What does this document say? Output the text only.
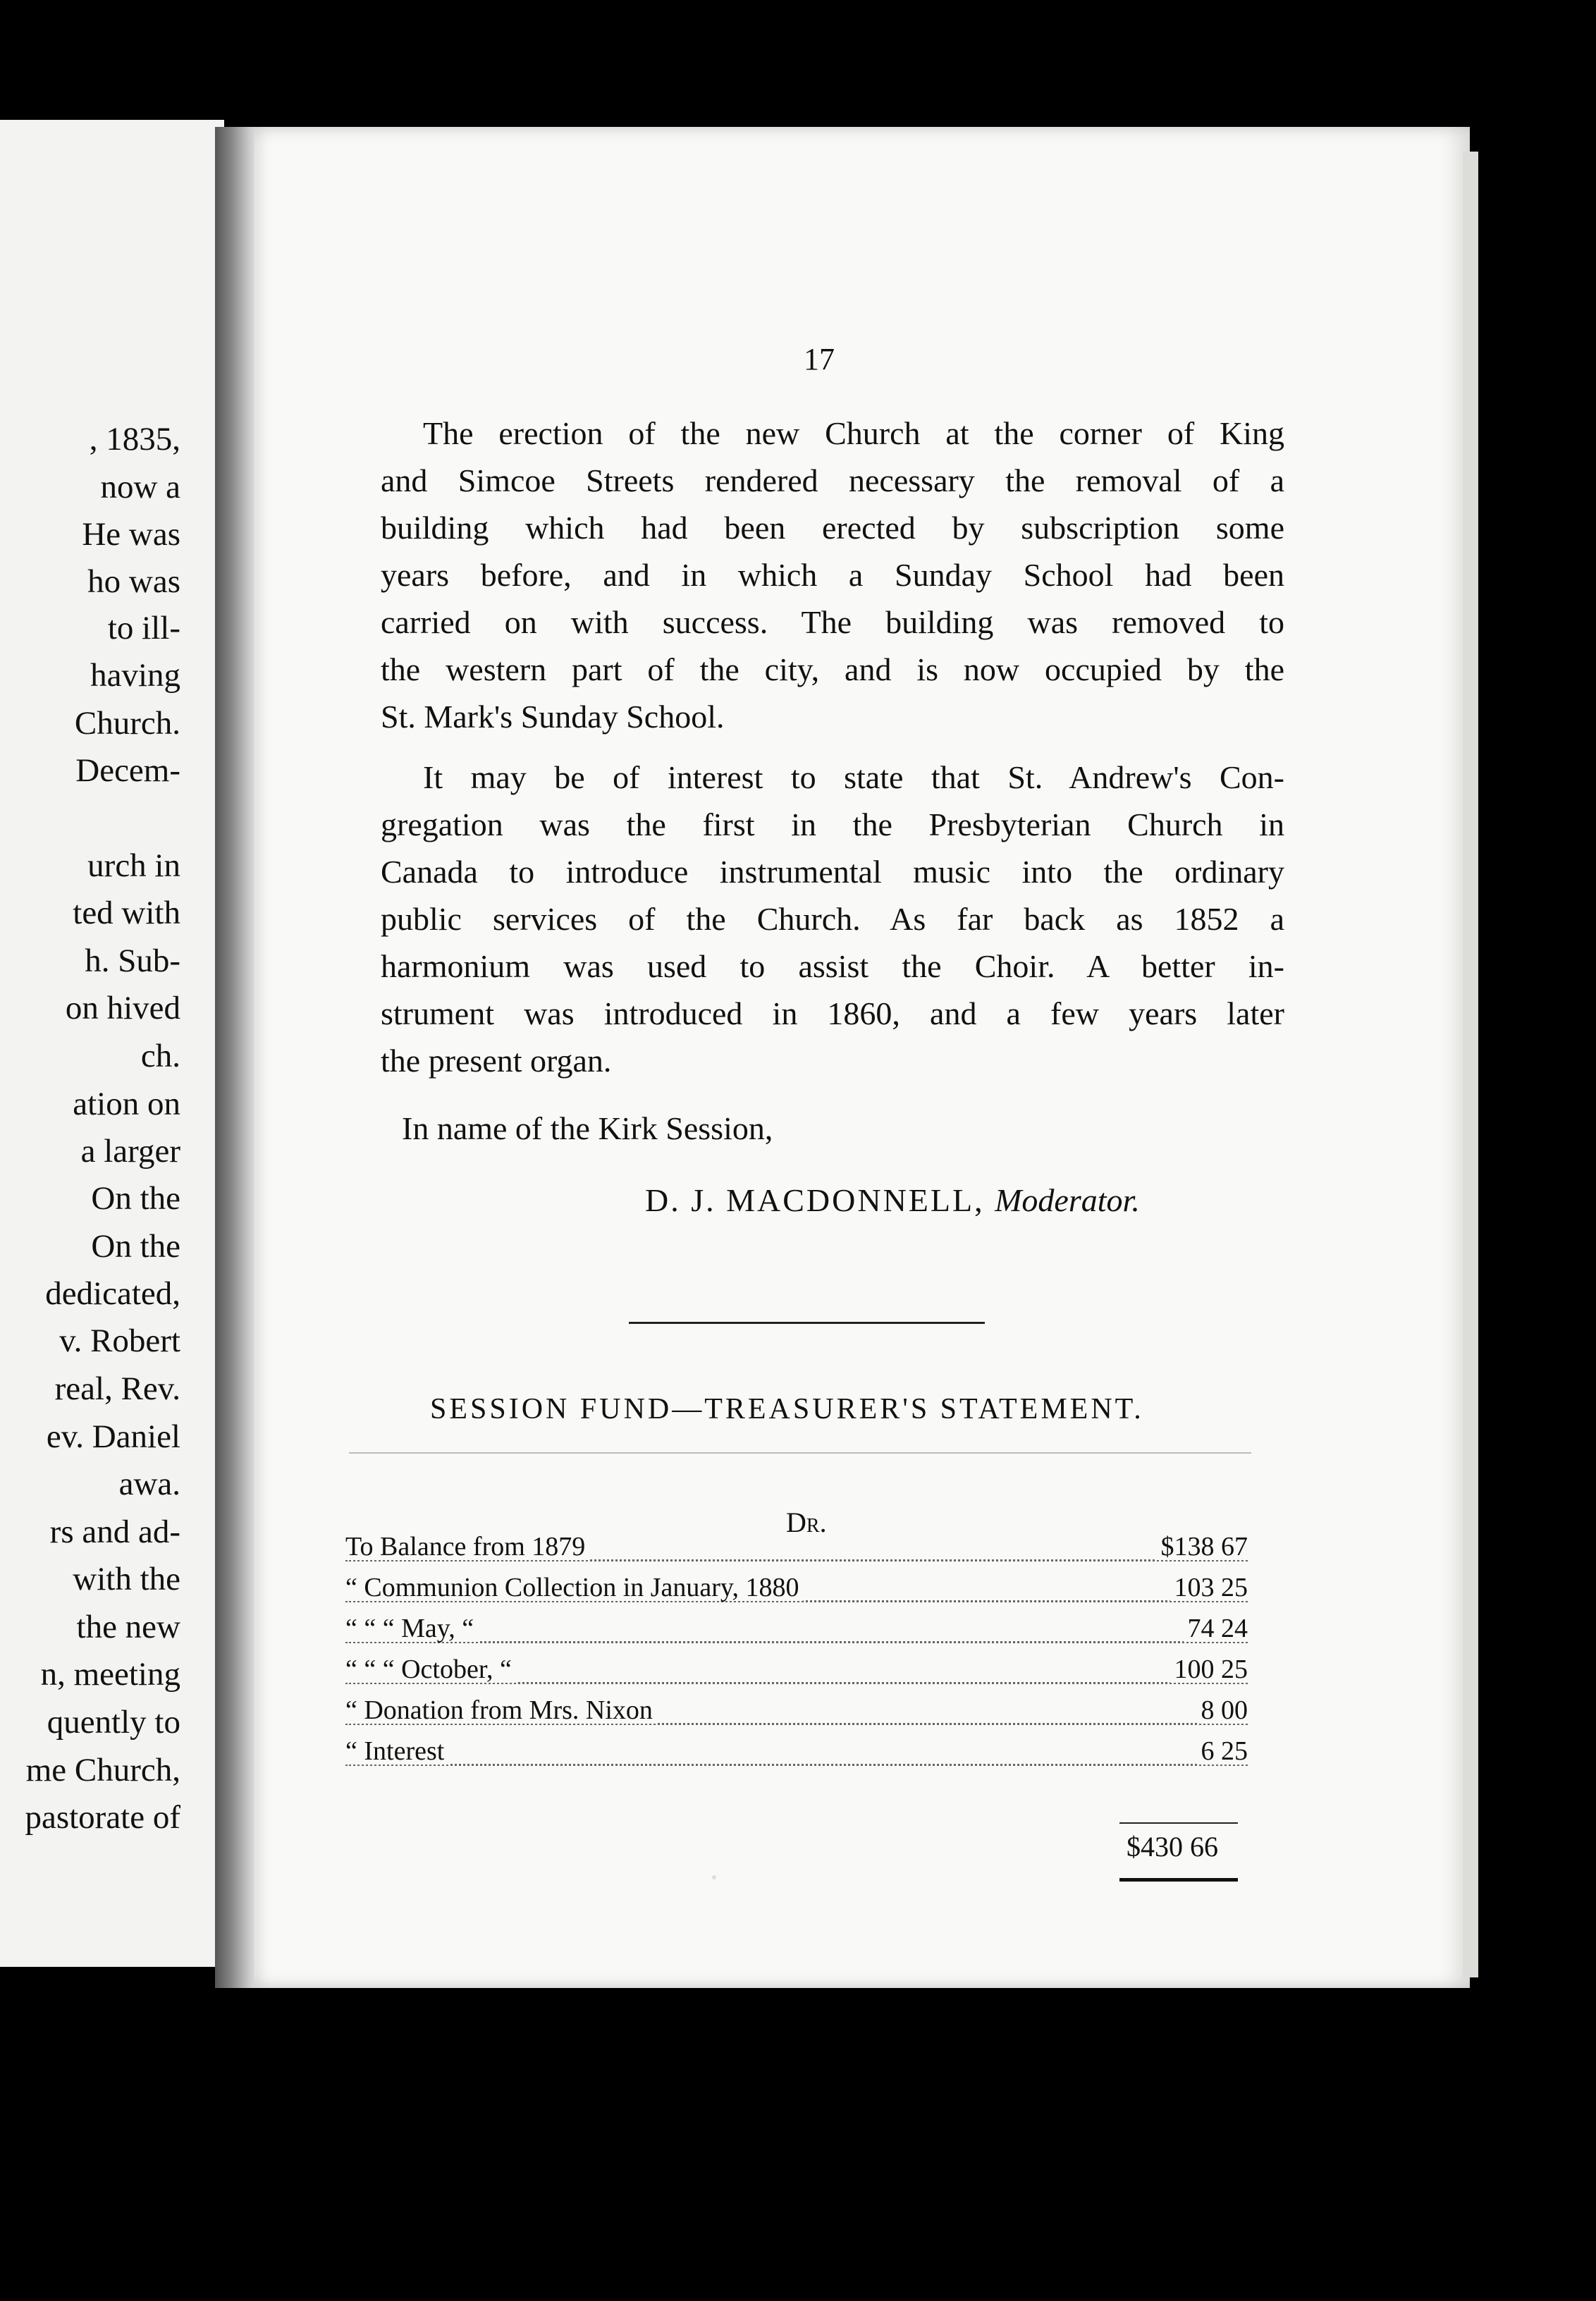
, 1835,
now a
He was
ho was
to ill-
having
Church.
Decem-
urch in
ted with
h. Sub-
on hived
ch.
ation on
a larger
On the
On the
dedicated,
v. Robert
real, Rev.
ev. Daniel
awa.
rs and ad-
with the
the new
n, meeting
quently to
me Church,
pastorate of
17
The erection of the new Church at the corner of King
and Simcoe Streets rendered necessary the removal of a
building which had been erected by subscription some
years before, and in which a Sunday School had been
carried on with success. The building was removed to
the western part of the city, and is now occupied by the
St. Mark's Sunday School.
It may be of interest to state that St. Andrew's Con-
gregation was the first in the Presbyterian Church in
Canada to introduce instrumental music into the ordinary
public services of the Church. As far back as 1852 a
harmonium was used to assist the Choir. A better in-
strument was introduced in 1860, and a few years later
the present organ.
In name of the Kirk Session,
D. J. MACDONNELL, Moderator.
SESSION FUND—TREASURER'S STATEMENT.
Dr.
To Balance from 1879	$138 67
“ Communion Collection in January, 1880	103 25
“ “ “ May, “	74 24
“ “ “ October, “	100 25
“ Donation from Mrs. Nixon	8 00
“ Interest	6 25
$430 66
